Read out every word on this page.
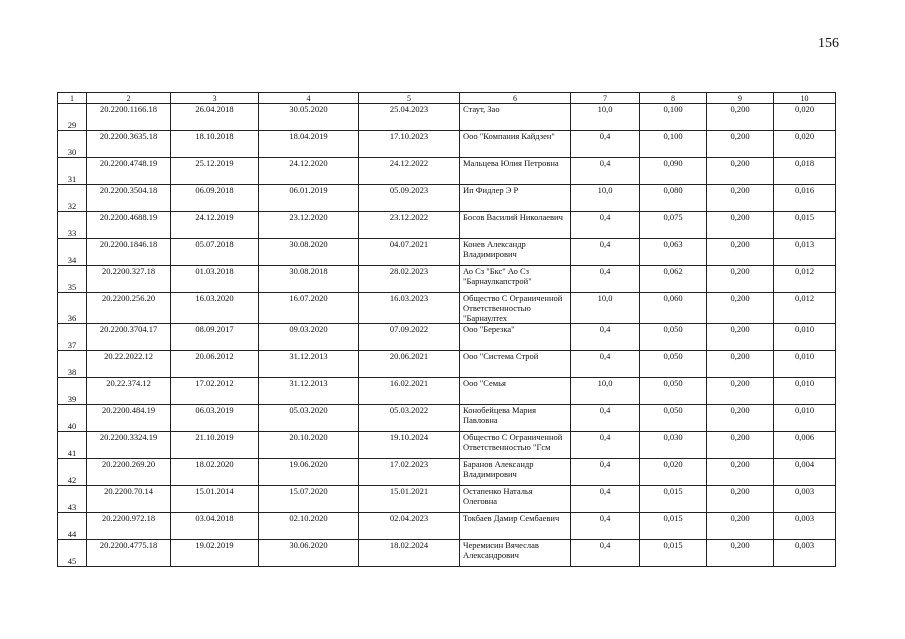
156
1	2	3	4	5	6	7	8	9	10
29	20.2200.1166.18	26.04.2018	30.05.2020	25.04.2023	Стаут, Зао	10,0	0,100	0,200	0,020
30	20.2200.3635.18	18.10.2018	18.04.2019	17.10.2023	Ооо "Компания Кайдзен"	0,4	0,100	0,200	0,020
31	20.2200.4748.19	25.12.2019	24.12.2020	24.12.2022	Мальцева Юлия Петровна	0,4	0,090	0,200	0,018
32	20.2200.3504.18	06.09.2018	06.01.2019	05.09.2023	Ип Фидлер Э Р	10,0	0,080	0,200	0,016
33	20.2200.4688.19	24.12.2019	23.12.2020	23.12.2022	Босов Василий Николаевич	0,4	0,075	0,200	0,015
34	20.2200.1846.18	05.07.2018	30.08.2020	04.07.2021	Конев Александр Владимирович	0,4	0,063	0,200	0,013
35	20.2200.327.18	01.03.2018	30.08.2018	28.02.2023	Ао Сз "Бкс" Ао Сз "Барнаулкапстрой"	0,4	0,062	0,200	0,012
36	20.2200.256.20	16.03.2020	16.07.2020	16.03.2023	Общество С Ограниченной Ответственностью "Барнаултех	10,0	0,060	0,200	0,012
37	20.2200.3704.17	08.09.2017	09.03.2020	07.09.2022	Ооо "Березка"	0,4	0,050	0,200	0,010
38	20.22.2022.12	20.06.2012	31.12.2013	20.06.2021	Ооо "Система Строй	0,4	0,050	0,200	0,010
39	20.22.374.12	17.02.2012	31.12.2013	16.02.2021	Ооо "Семья	10,0	0,050	0,200	0,010
40	20.2200.484.19	06.03.2019	05.03.2020	05.03.2022	Конобейцева Мария Павловна	0,4	0,050	0,200	0,010
41	20.2200.3324.19	21.10.2019	20.10.2020	19.10.2024	Общество С Ограниченной Ответственностью "Гсм	0,4	0,030	0,200	0,006
42	20.2200.269.20	18.02.2020	19.06.2020	17.02.2023	Баранов Александр Владимирович	0,4	0,020	0,200	0,004
43	20.2200.70.14	15.01.2014	15.07.2020	15.01.2021	Остапенко Наталья Олеговна	0,4	0,015	0,200	0,003
44	20.2200.972.18	03.04.2018	02.10.2020	02.04.2023	Токбаев Дамир Сембаевич	0,4	0,015	0,200	0,003
45	20.2200.4775.18	19.02.2019	30.06.2020	18.02.2024	Черемисин Вячеслав Александрович	0,4	0,015	0,200	0,003
